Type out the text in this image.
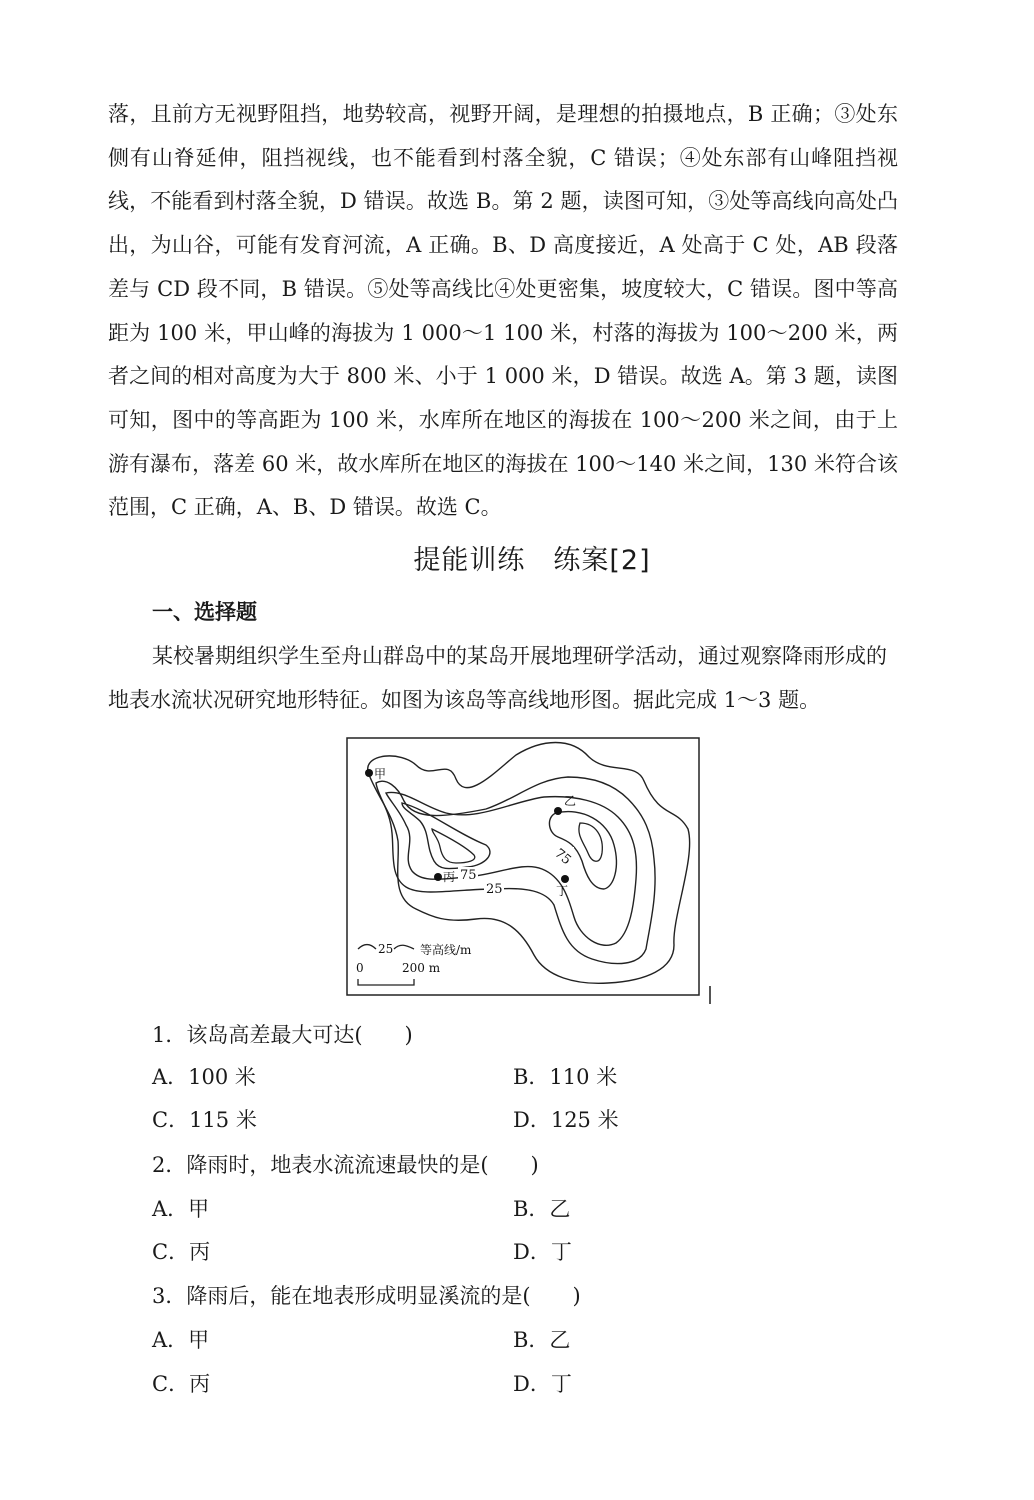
落，且前方无视野阻挡，地势较高，视野开阔，是理想的拍摄地点，B 正确；③处东侧有山脊延伸，阻挡视线，也不能看到村落全貌，C 错误；④处东部有山峰阻挡视线，不能看到村落全貌，D 错误。故选 B。第 2 题，读图可知，③处等高线向高处凸出，为山谷，可能有发育河流，A 正确。B、D 高度接近，A 处高于 C 处，AB 段落差与 CD 段不同，B 错误。⑤处等高线比④处更密集，坡度较大，C 错误。图中等高距为 100 米，甲山峰的海拔为 1 000～1 100 米，村落的海拔为 100～200 米，两者之间的相对高度为大于 800 米、小于 1 000 米，D 错误。故选 A。第 3 题，读图可知，图中的等高距为 100 米，水库所在地区的海拔在 100～200 米之间，由于上游有瀑布，落差 60 米，故水库所在地区的海拔在 100～140 米之间，130 米符合该范围，C 正确，A、B、D 错误。故选 C。

提能训练　练案[2]
一、选择题

某校暑期组织学生至舟山群岛中的某岛开展地理研学活动，通过观察降雨形成的地表水流状况研究地形特征。如图为该岛等高线地形图。据此完成 1～3 题。

甲
乙
丙
丁
75
25
75
25 等高线/m
0	200 m
1．该岛高差最大可达(　　)
A．100 米	B．110 米
C．115 米	D．125 米
2．降雨时，地表水流流速最快的是(　　)
A．甲	B．乙
C．丙	D．丁
3．降雨后，能在地表形成明显溪流的是(　　)
A．甲	B．乙
C．丙	D．丁
